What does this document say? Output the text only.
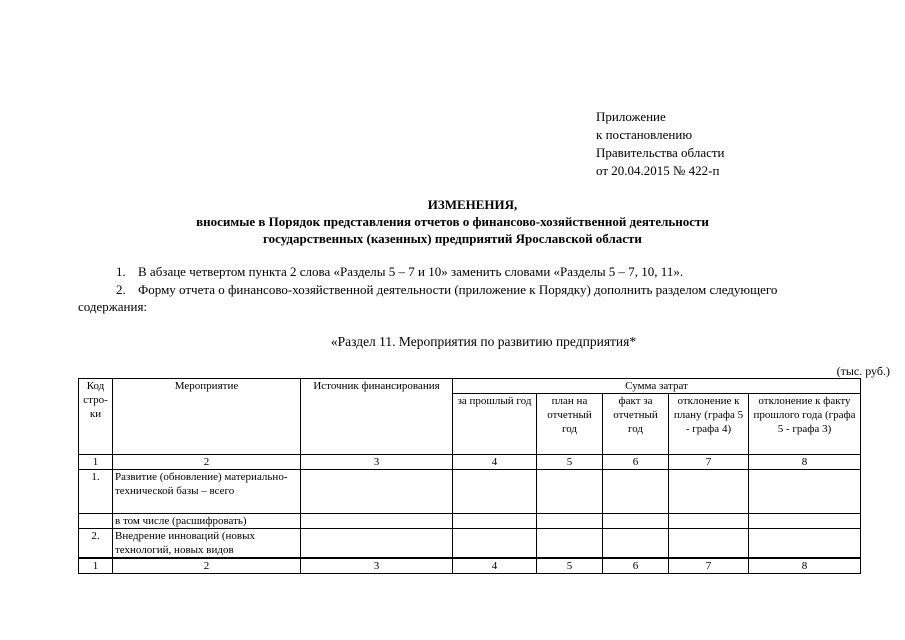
Приложение
к постановлению
Правительства области
от 20.04.2015 № 422-п
ИЗМЕНЕНИЯ,
вносимые в Порядок представления отчетов о финансово-хозяйственной деятельности
государственных (казенных) предприятий Ярославской области
1. В абзаце четвертом пункта 2 слова «Разделы 5 – 7 и 10» заменить словами «Разделы 5 – 7, 10, 11».
2. Форму отчета о финансово-хозяйственной деятельности (приложение к Порядку) дополнить разделом следующего
содержания:
«Раздел 11. Мероприятия по развитию предприятия*
(тыс. руб.)
Код стро-ки	Мероприятие	Источник финансирования	Сумма затрат				
			за прошлый год	план на отчетный год	факт за отчетный год	отклонение к плану (графа 5 - графа 4)	отклонение к факту прошлого года (графа 5 - графа 3)
1	2	3	4	5	6	7	8
1.	Развитие (обновление) материально-технической базы – всего						
	в том числе (расшифровать)						
2.	Внедрение инноваций (новых технологий, новых видов						
1	2	3	4	5	6	7	8
